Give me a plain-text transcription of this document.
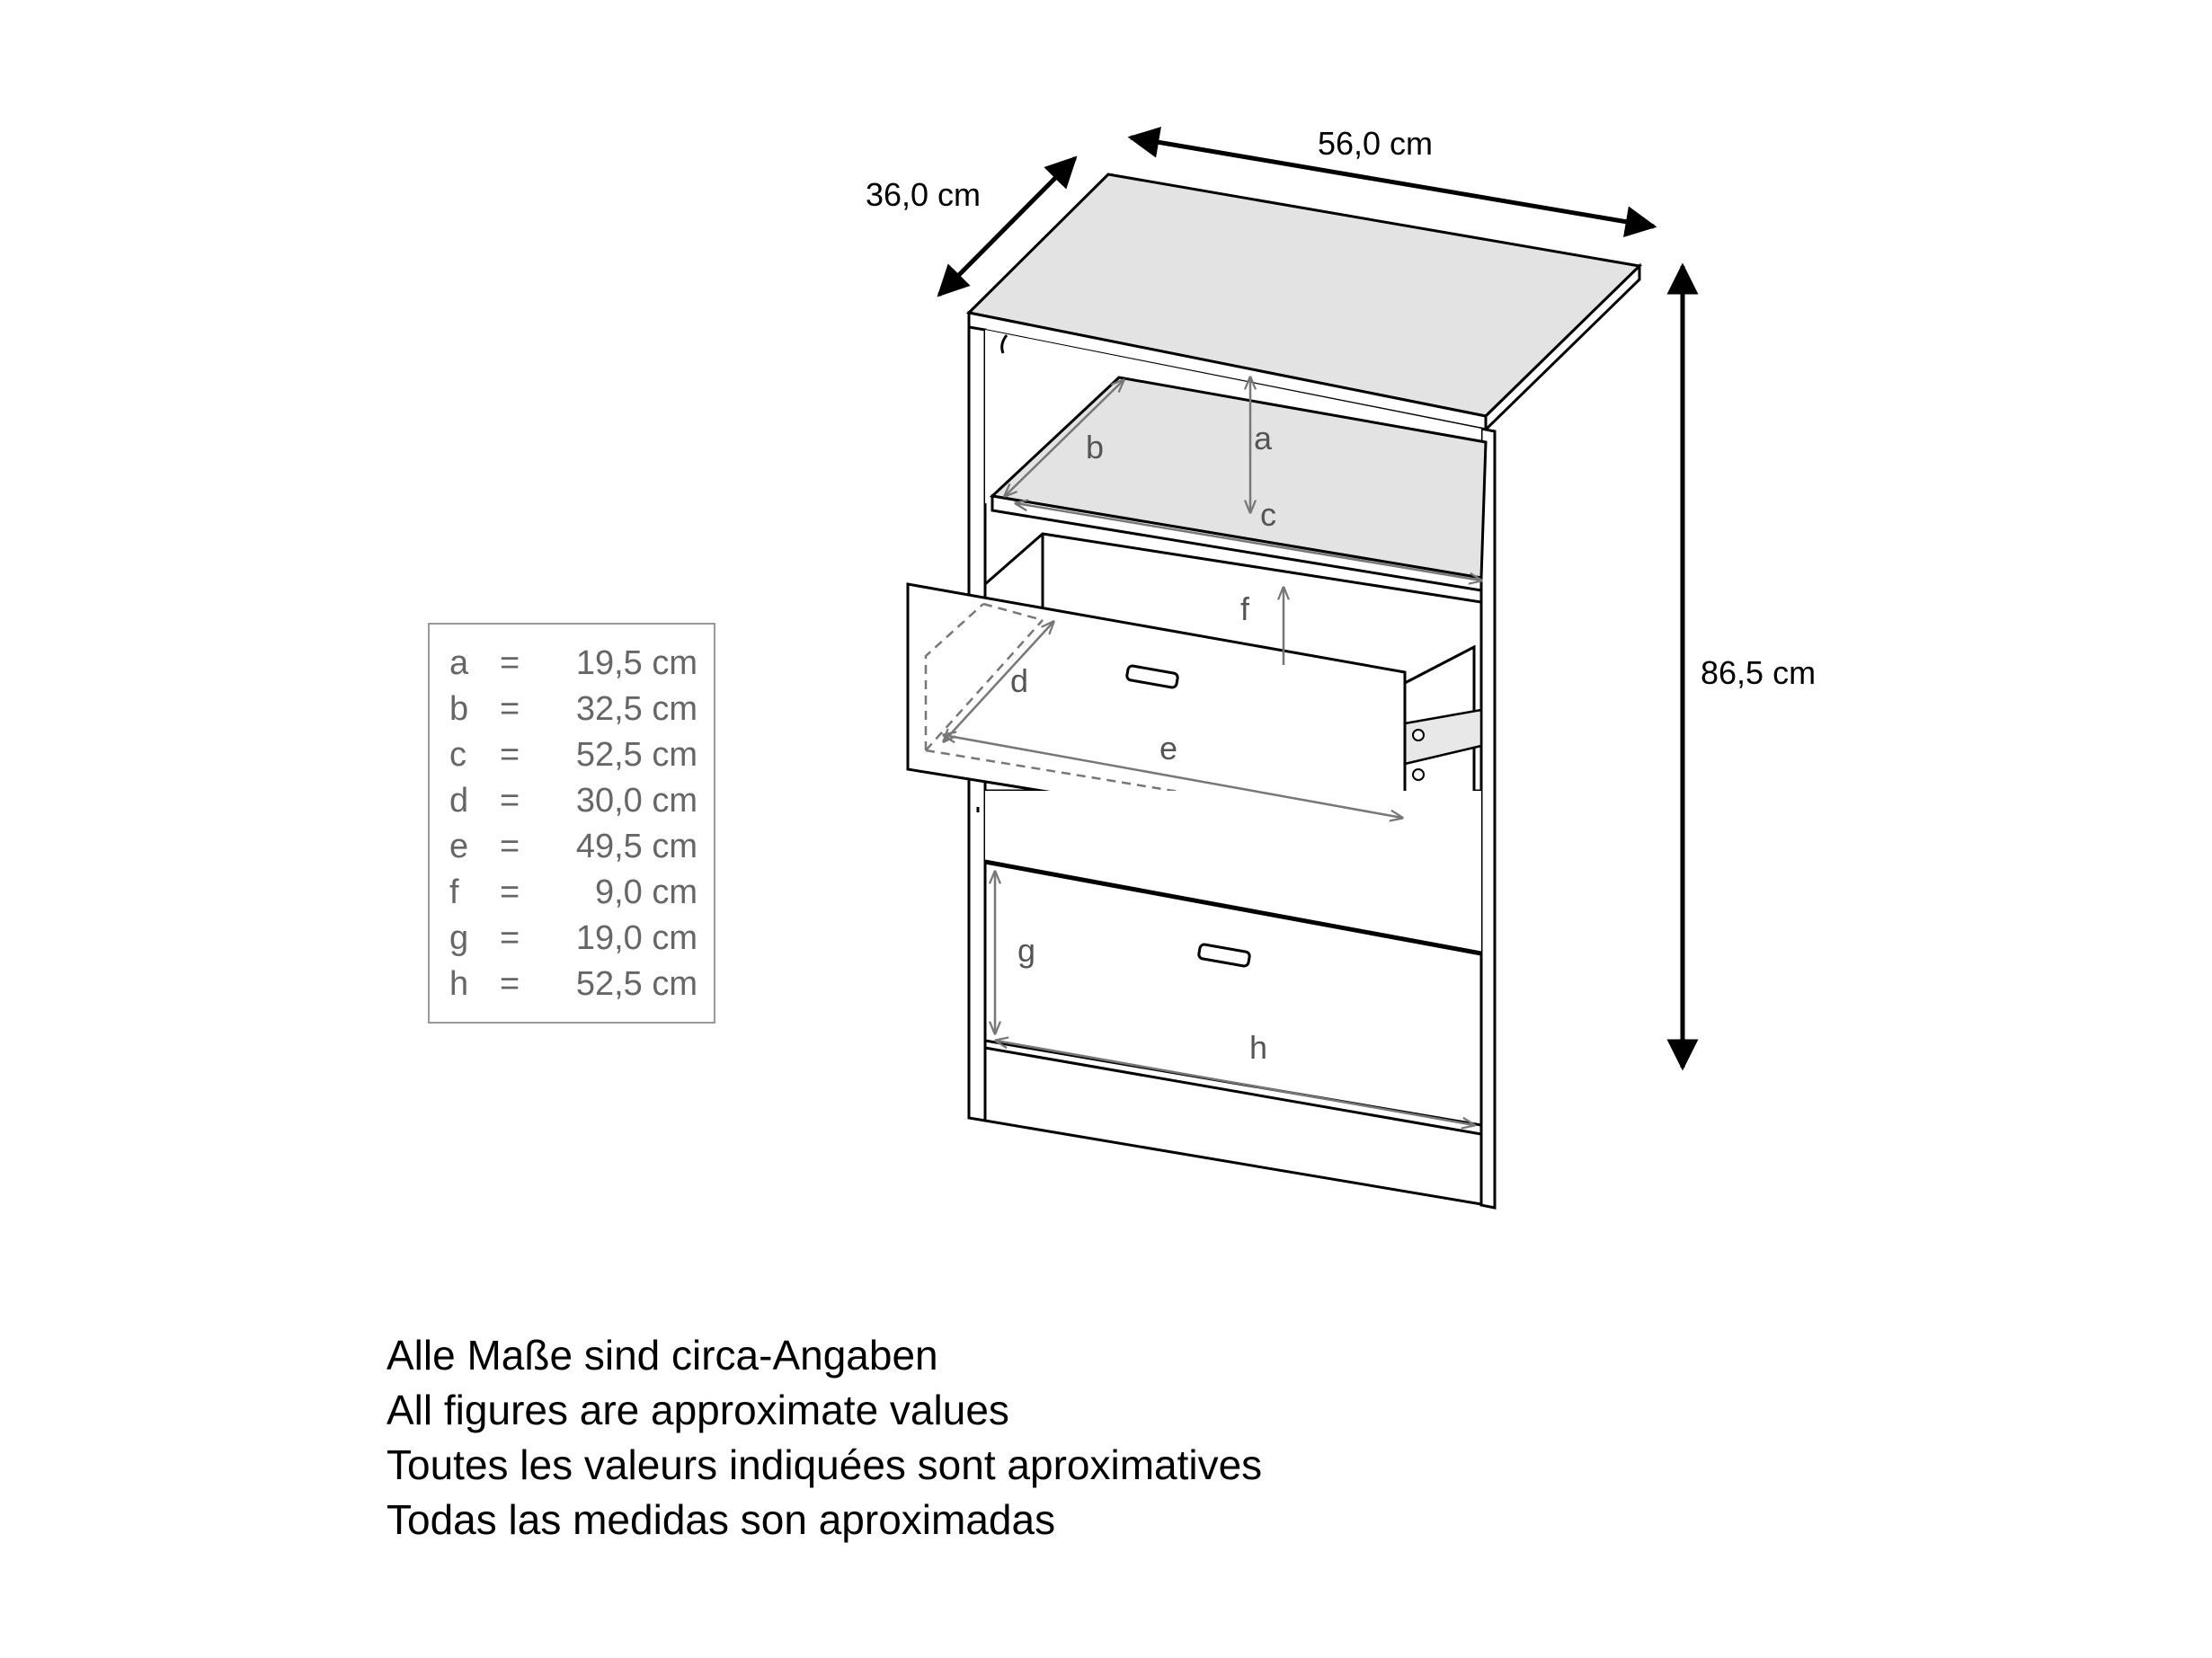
56,0 cm
36,0 cm
86,5 cm
a
b
c
d
e
f
g
h
a = 19,5 cm
b = 32,5 cm
c = 52,5 cm
d = 30,0 cm
e = 49,5 cm
f = 9,0 cm
g = 19,0 cm
h = 52,5 cm
Alle Maße sind circa-Angaben
All figures are approximate values
Toutes les valeurs indiquées sont aproximatives
Todas las medidas son aproximadas
